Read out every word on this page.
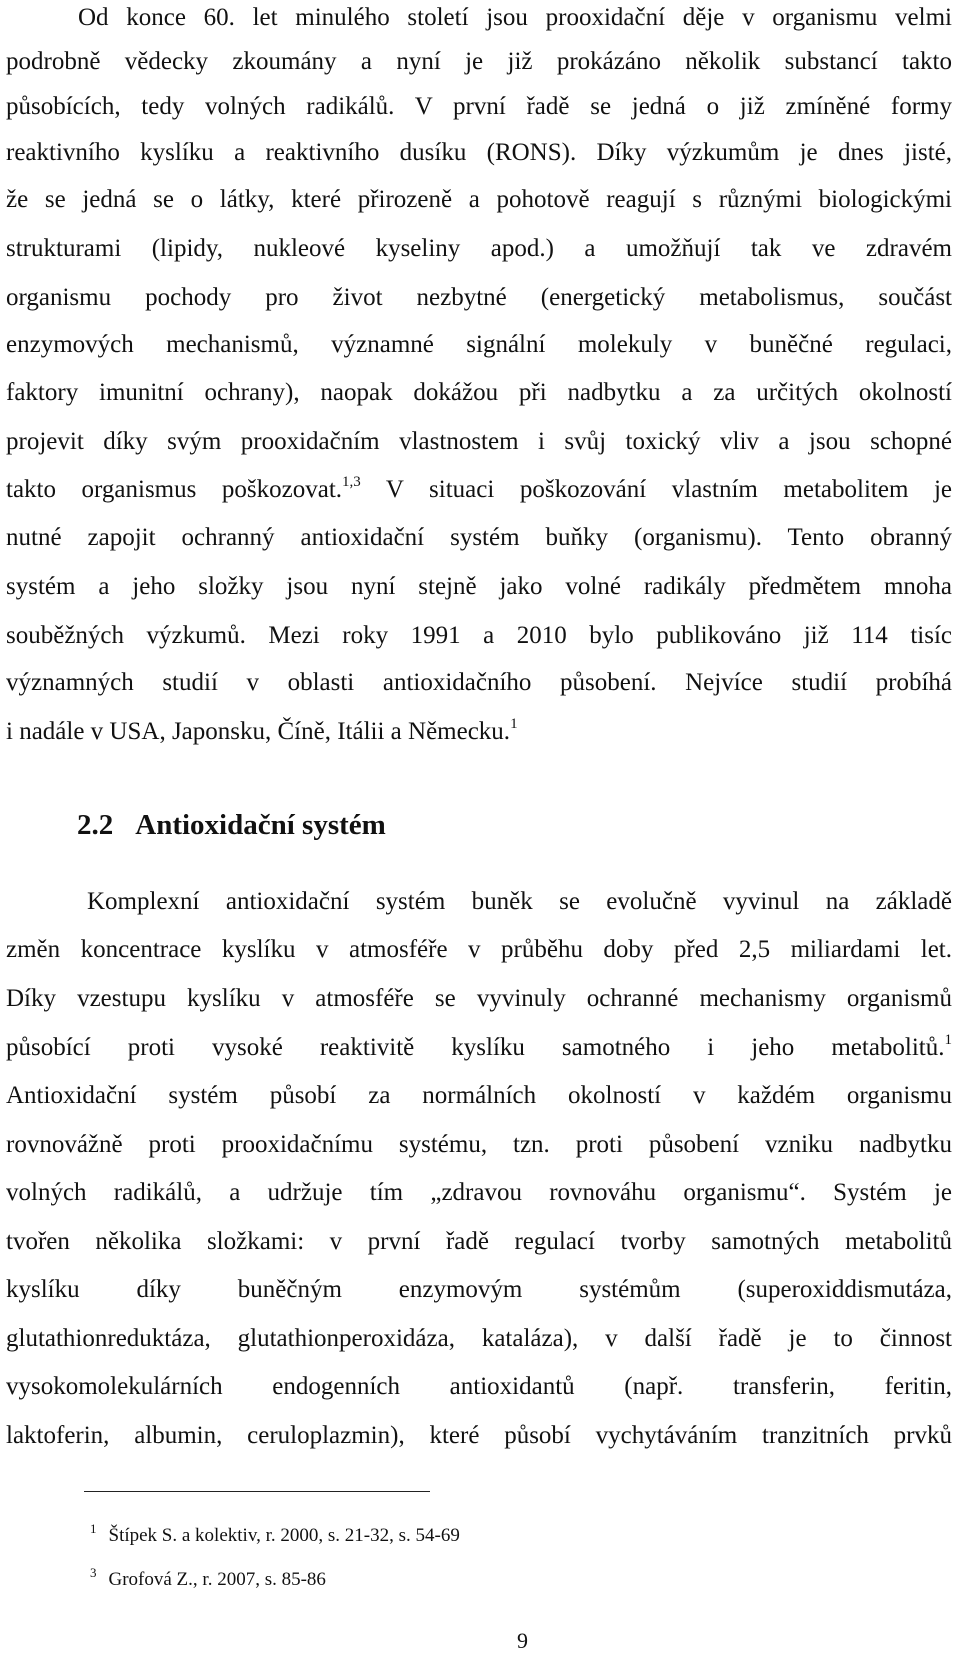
Od konce 60. let minulého století jsou prooxidační děje v organismu velmi
podrobně vědecky zkoumány a nyní je již prokázáno několik substancí takto
působících, tedy volných radikálů. V první řadě se jedná o již zmíněné formy
reaktivního kyslíku a reaktivního dusíku (RONS). Díky výzkumům je dnes jisté,
že se jedná se o látky, které přirozeně a pohotově reagují s různými biologickými
strukturami (lipidy, nukleové kyseliny apod.) a umožňují tak ve zdravém
organismu pochody pro život nezbytné (energetický metabolismus, součást
enzymových mechanismů, významné signální molekuly v buněčné regulaci,
faktory imunitní ochrany), naopak dokážou při nadbytku a za určitých okolností
projevit díky svým prooxidačním vlastnostem i svůj toxický vliv a jsou schopné
takto organismus poškozovat.$^{1,3}$ V situaci poškozování vlastním metabolitem je
nutné zapojit ochranný antioxidační systém buňky (organismu). Tento obranný
systém a jeho složky jsou nyní stejně jako volné radikály předmětem mnoha
souběžných výzkumů. Mezi roky 1991 a 2010 bylo publikováno již 114 tisíc
významných studií v oblasti antioxidačního působení. Nejvíce studií probíhá
i nadále v USA, Japonsku, Číně, Itálii a Německu.$^1$
2.2 Antioxidační systém
Komplexní antioxidační systém buněk se evolučně vyvinul na základě
změn koncentrace kyslíku v atmosféře v průběhu doby před 2,5 miliardami let.
Díky vzestupu kyslíku v atmosféře se vyvinuly ochranné mechanismy organismů
působící proti vysoké reaktivitě kyslíku samotného i jeho metabolitů.$^1$
Antioxidační systém působí za normálních okolností v každém organismu
rovnovážně proti prooxidačnímu systému, tzn. proti působení vzniku nadbytku
volných radikálů, a udržuje tím „zdravou rovnováhu organismu“. Systém je
tvořen několika složkami: v první řadě regulací tvorby samotných metabolitů
kyslíku díky buněčným enzymovým systémům (superoxiddismutáza,
glutathionreduktáza, glutathionperoxidáza, kataláza), v další řadě je to činnost
vysokomolekulárních endogenních antioxidantů (např. transferin, feritin,
laktoferin, albumin, ceruloplazmin), které působí vychytáváním tranzitních prvků
$^1$ Štípek S. a kolektiv, r. 2000, s. 21-32, s. 54-69
$^3$ Grofová Z., r. 2007, s. 85-86
9
